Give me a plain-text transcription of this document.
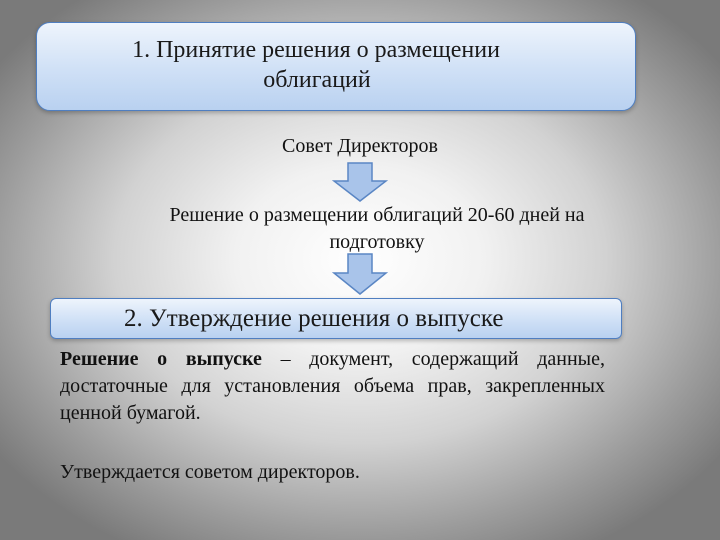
1. Принятие решения о размещении
облигаций
Совет Директоров
Решение о размещении облигаций 20-60 дней на
подготовку
2. Утверждение решения о выпуске
Решение о выпуске – документ, содержащий данные, достаточные для установления объема прав, закрепленных ценной бумагой.
Утверждается советом директоров.
